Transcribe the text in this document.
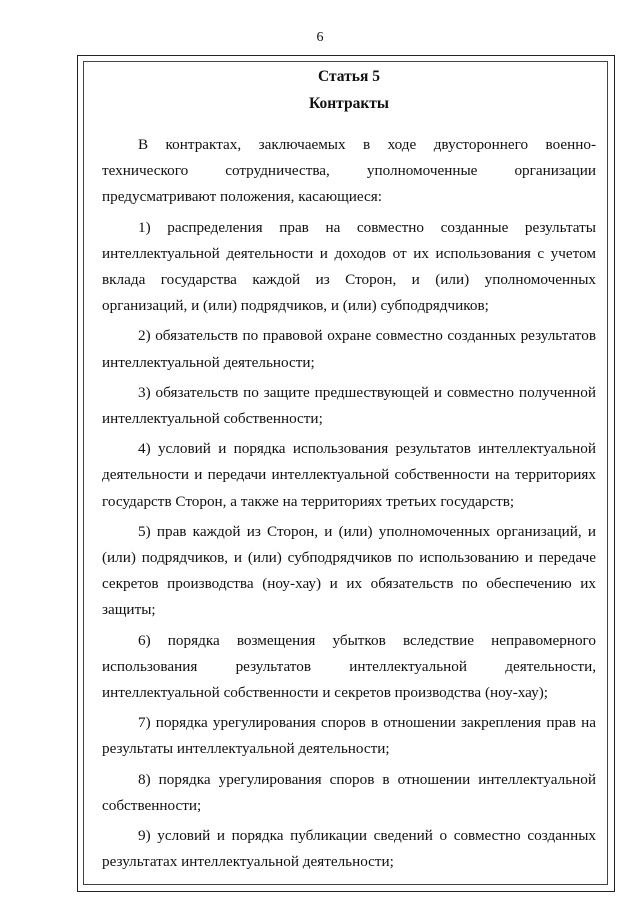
6
Статья 5
Контракты

В контрактах, заключаемых в ходе двустороннего военно-технического сотрудничества, уполномоченные организации предусматривают положения, касающиеся:

1) распределения прав на совместно созданные результаты интеллектуальной деятельности и доходов от их использования с учетом вклада государства каждой из Сторон, и (или) уполномоченных организаций, и (или) подрядчиков, и (или) субподрядчиков;

2) обязательств по правовой охране совместно созданных результатов интеллектуальной деятельности;

3) обязательств по защите предшествующей и совместно полученной интеллектуальной собственности;

4) условий и порядка использования результатов интеллектуальной деятельности и передачи интеллектуальной собственности на территориях государств Сторон, а также на территориях третьих государств;

5) прав каждой из Сторон, и (или) уполномоченных организаций, и (или) подрядчиков, и (или) субподрядчиков по использованию и передаче секретов производства (ноу-хау) и их обязательств по обеспечению их защиты;

6) порядка возмещения убытков вследствие неправомерного использования результатов интеллектуальной деятельности, интеллектуальной собственности и секретов производства (ноу-хау);

7) порядка урегулирования споров в отношении закрепления прав на результаты интеллектуальной деятельности;

8) порядка урегулирования споров в отношении интеллектуальной собственности;

9) условий и порядка публикации сведений о совместно созданных результатах интеллектуальной деятельности;
